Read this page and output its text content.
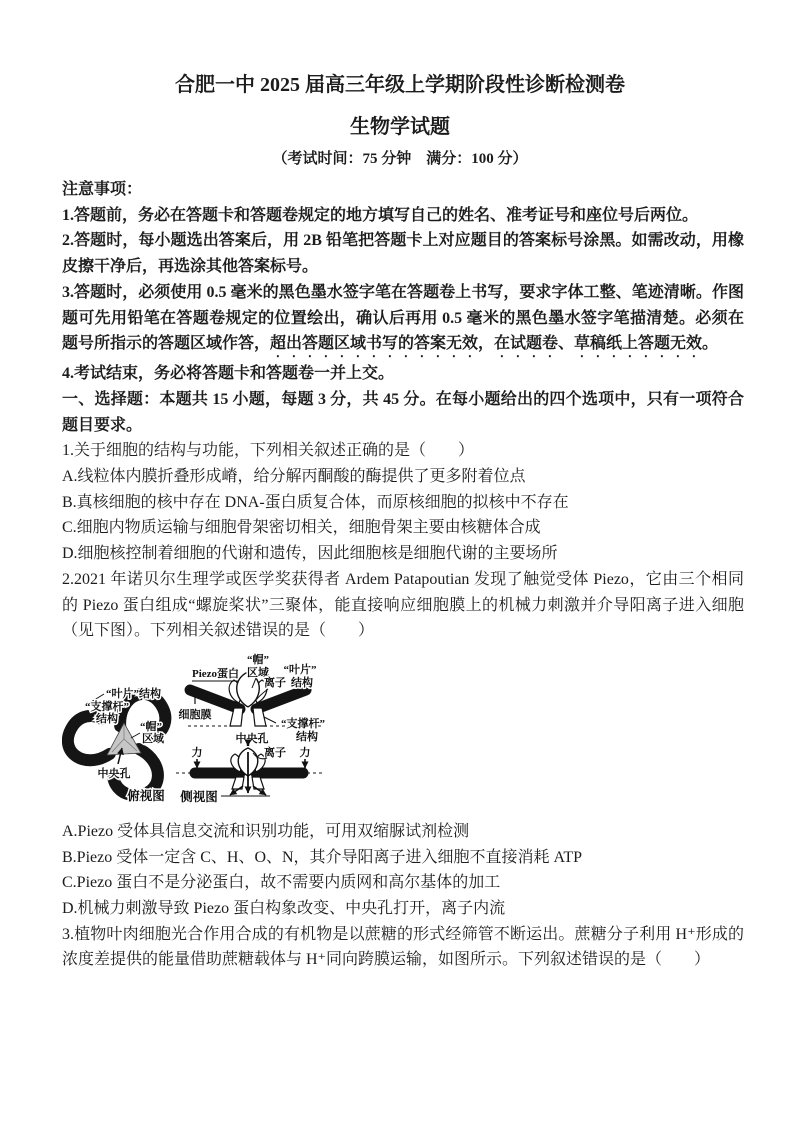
合肥一中 2025 届高三年级上学期阶段性诊断检测卷

生物学试题

（考试时间：75 分钟　满分：100 分）

注意事项：

1.答题前，务必在答题卡和答题卷规定的地方填写自己的姓名、准考证号和座位号后两位。

2.答题时，每小题选出答案后，用 2B 铅笔把答题卡上对应题目的答案标号涂黑。如需改动，用橡皮擦干净后，再选涂其他答案标号。

3.答题时，必须使用 0.5 毫米的黑色墨水签字笔在答题卷上书写，要求字体工整、笔迹清晰。作图题可先用铅笔在答题卷规定的位置绘出，确认后再用 0.5 毫米的黑色墨水签字笔描清楚。必须在题号所指示的答题区域作答，超出答题区域书写的答案无效，在试题卷、草稿纸上答题无效。

4.考试结束，务必将答题卡和答题卷一并上交。

一、选择题：本题共 15 小题，每题 3 分，共 45 分。在每小题给出的四个选项中，只有一项符合题目要求。

1.关于细胞的结构与功能，下列相关叙述正确的是（　　）

A.线粒体内膜折叠形成嵴，给分解丙酮酸的酶提供了更多附着位点

B.真核细胞的核中存在 DNA-蛋白质复合体，而原核细胞的拟核中不存在

C.细胞内物质运输与细胞骨架密切相关，细胞骨架主要由核糖体合成

D.细胞核控制着细胞的代谢和遗传，因此细胞核是细胞代谢的主要场所

2.2021 年诺贝尔生理学或医学奖获得者 Ardem Patapoutian 发现了触觉受体 Piezo，它由三个相同的 Piezo 蛋白组成“螺旋桨状”三聚体，能直接响应细胞膜上的机械力刺激并介导阳离子进入细胞（见下图）。下列相关叙述错误的是（　　）

“叶片”结构
“支撑杆”
结构
“帽”
区域
中央孔
俯视图
Piezo蛋白
“帽”
区域 “叶片”
结构
离子
细胞膜
“支撑杆”
结构
中央孔
力	力
离子
侧视图

A.Piezo 受体具信息交流和识别功能，可用双缩脲试剂检测

B.Piezo 受体一定含 C、H、O、N，其介导阳离子进入细胞不直接消耗 ATP

C.Piezo 蛋白不是分泌蛋白，故不需要内质网和高尔基体的加工

D.机械力刺激导致 Piezo 蛋白构象改变、中央孔打开，离子内流

3.植物叶肉细胞光合作用合成的有机物是以蔗糖的形式经筛管不断运出。蔗糖分子利用 H⁺形成的浓度差提供的能量借助蔗糖载体与 H⁺同向跨膜运输，如图所示。下列叙述错误的是（　　）
